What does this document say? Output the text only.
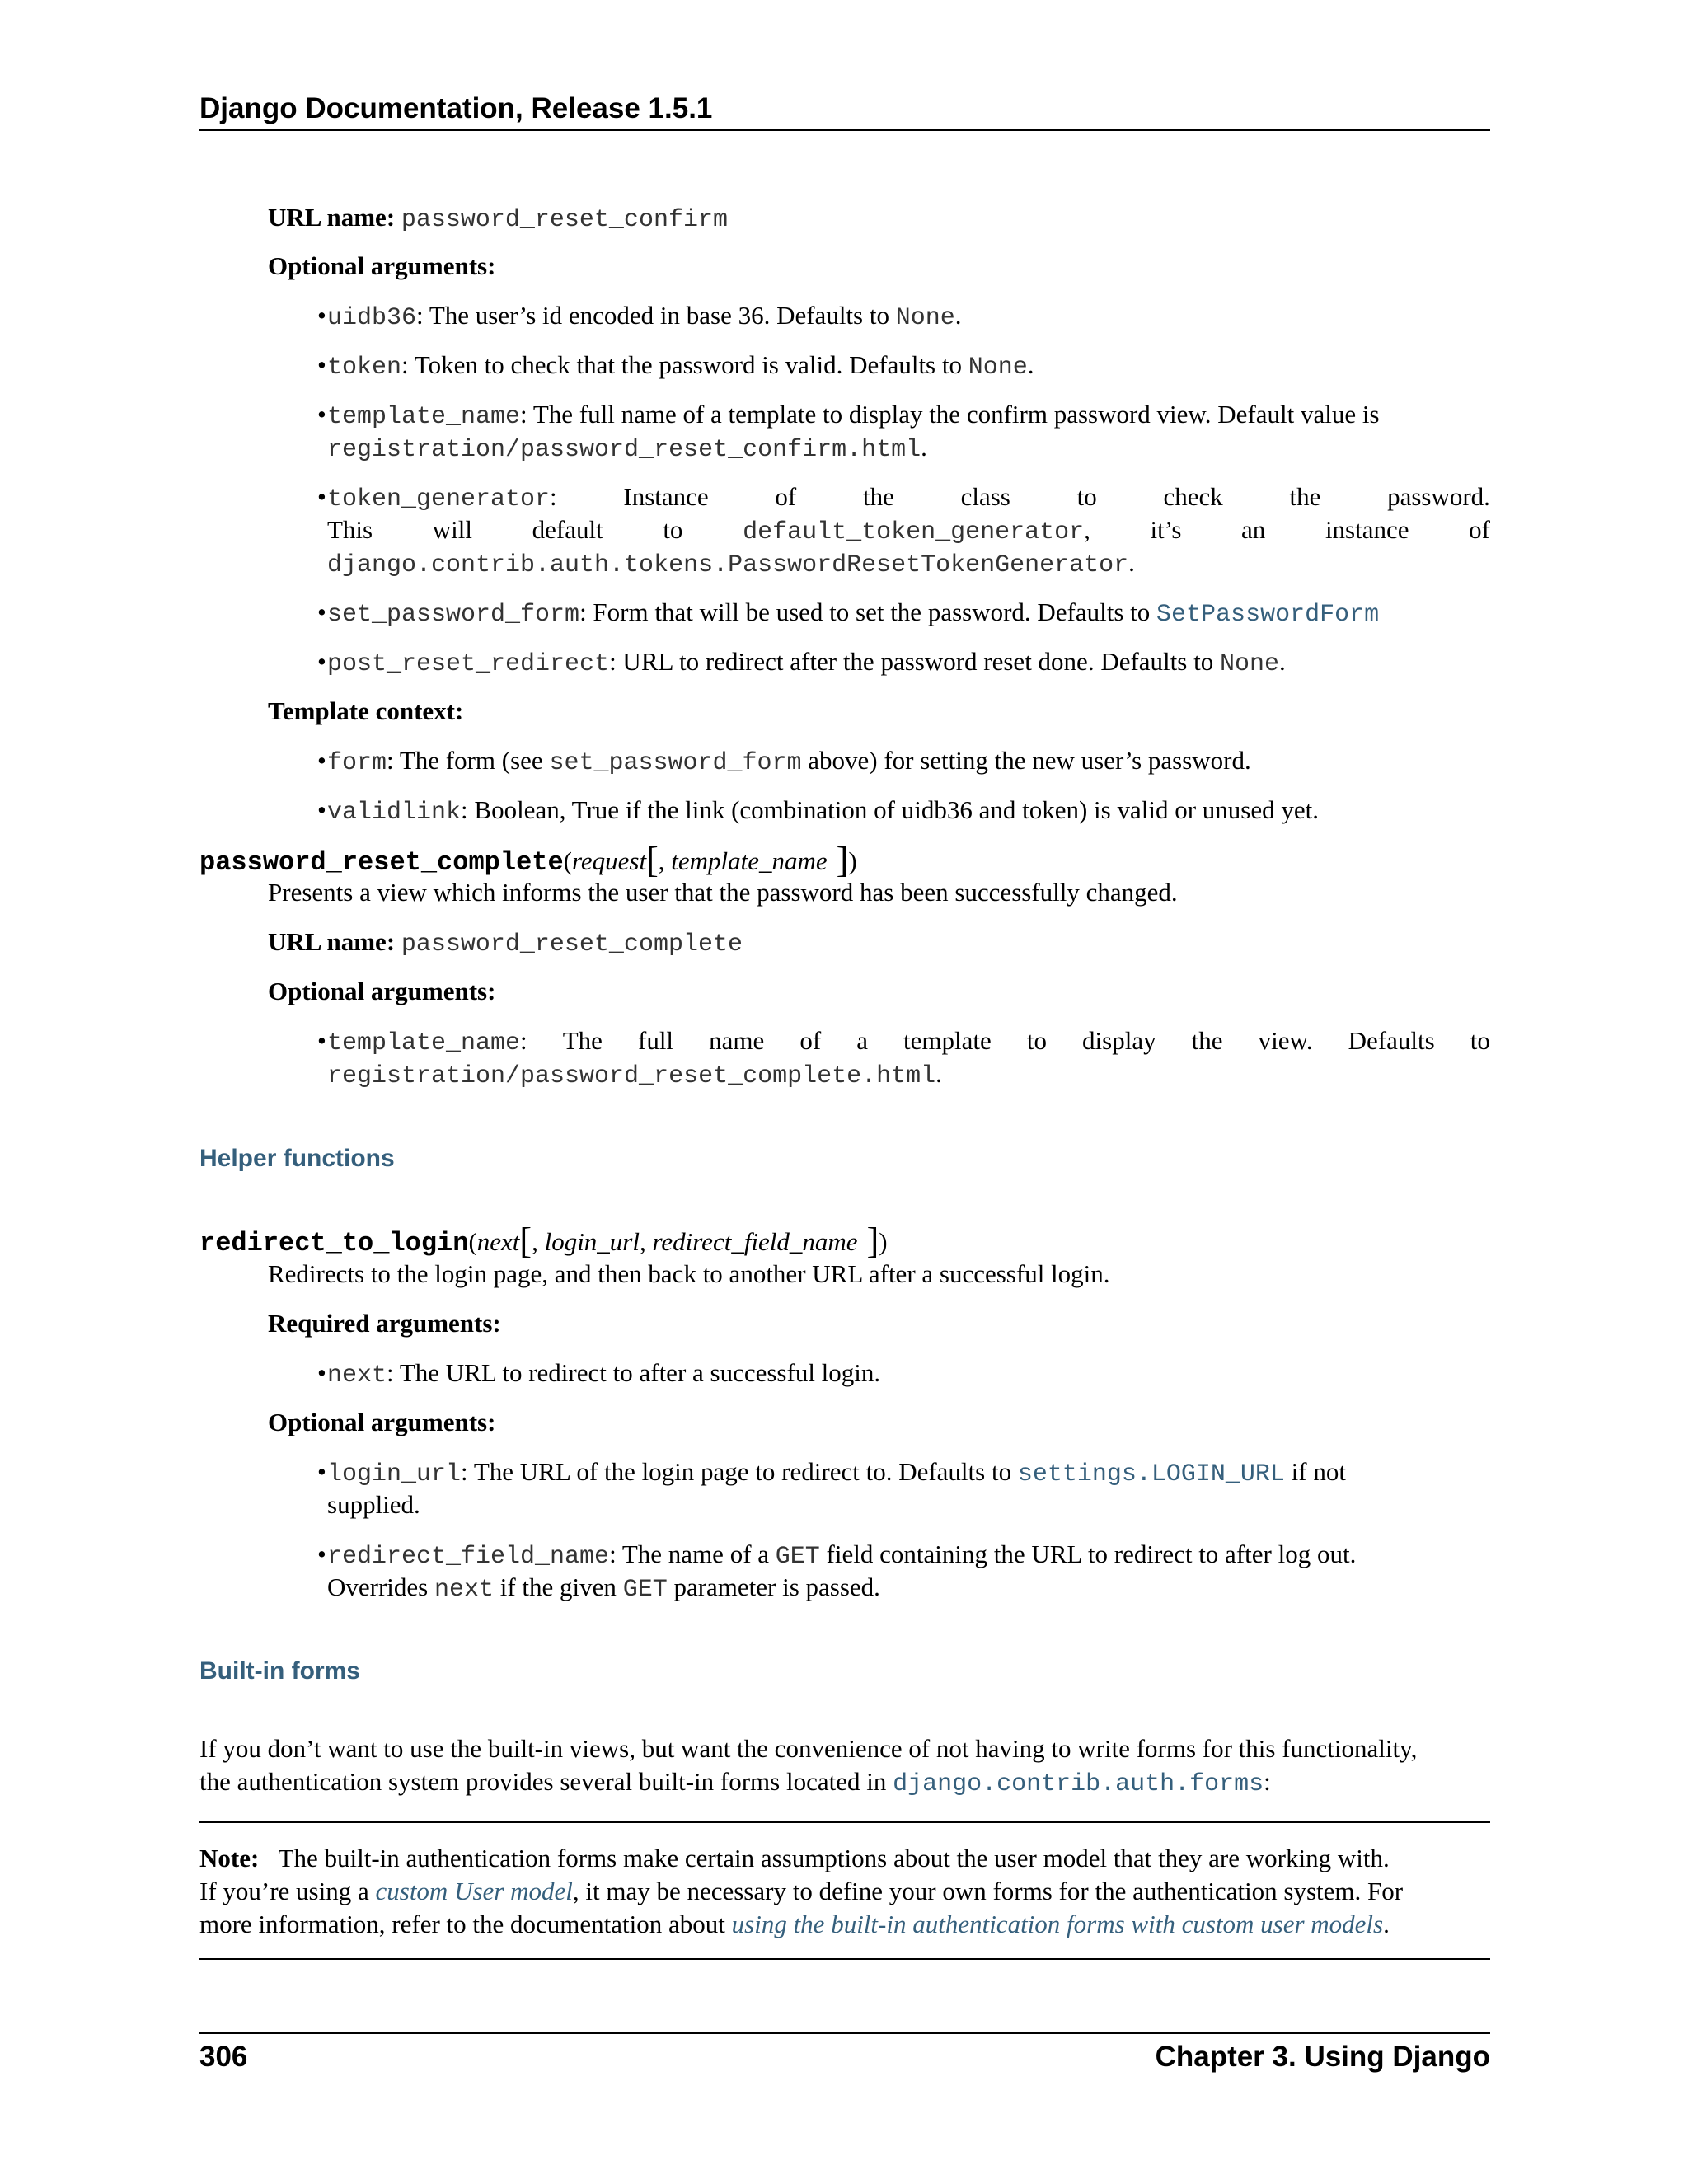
Django Documentation, Release 1.5.1
URL name: password_reset_confirm
Optional arguments:
•uidb36: The user’s id encoded in base 36. Defaults to None.
•token: Token to check that the password is valid. Defaults to None.
•template_name: The full name of a template to display the confirm password view. Default value is
registration/password_reset_confirm.html.
•token_generator:	Instance	of	the	class	to	check	the	password.
This will default to default_token_generator, it’s an instance of
django.contrib.auth.tokens.PasswordResetTokenGenerator.
•set_password_form: Form that will be used to set the password. Defaults to SetPasswordForm
•post_reset_redirect: URL to redirect after the password reset done. Defaults to None.
Template context:
•form: The form (see set_password_form above) for setting the new user’s password.
•validlink: Boolean, True if the link (combination of uidb36 and token) is valid or unused yet.
password_reset_complete(request[, template_name ])
Presents a view which informs the user that the password has been successfully changed.
URL name: password_reset_complete
Optional arguments:
•template_name: The full name of a template to display the view. Defaults to
registration/password_reset_complete.html.
Helper functions
redirect_to_login(next[, login_url, redirect_field_name ])
Redirects to the login page, and then back to another URL after a successful login.
Required arguments:
•next: The URL to redirect to after a successful login.
Optional arguments:
•login_url: The URL of the login page to redirect to. Defaults to settings.LOGIN_URL if not
supplied.
•redirect_field_name: The name of a GET field containing the URL to redirect to after log out.
Overrides next if the given GET parameter is passed.
Built-in forms
If you don’t want to use the built-in views, but want the convenience of not having to write forms for this functionality,
the authentication system provides several built-in forms located in django.contrib.auth.forms:
Note: The built-in authentication forms make certain assumptions about the user model that they are working with.
If you’re using a custom User model, it may be necessary to define your own forms for the authentication system. For
more information, refer to the documentation about using the built-in authentication forms with custom user models.
306	Chapter 3. Using Django
